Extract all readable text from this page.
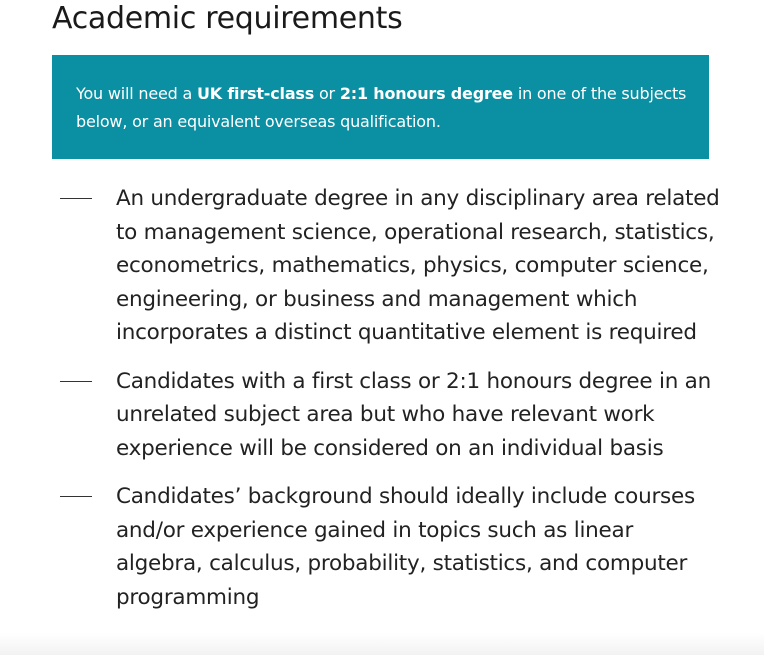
Academic requirements
You will need a UK first-class or 2:1 honours degree in one of the subjects below, or an equivalent overseas qualification.
An undergraduate degree in any disciplinary area related to management science, operational research, statistics, econometrics, mathematics, physics, computer science, engineering, or business and management which incorporates a distinct quantitative element is required
Candidates with a first class or 2:1 honours degree in an unrelated subject area but who have relevant work experience will be considered on an individual basis
Candidates’ background should ideally include courses and/or experience gained in topics such as linear algebra, calculus, probability, statistics, and computer programming
